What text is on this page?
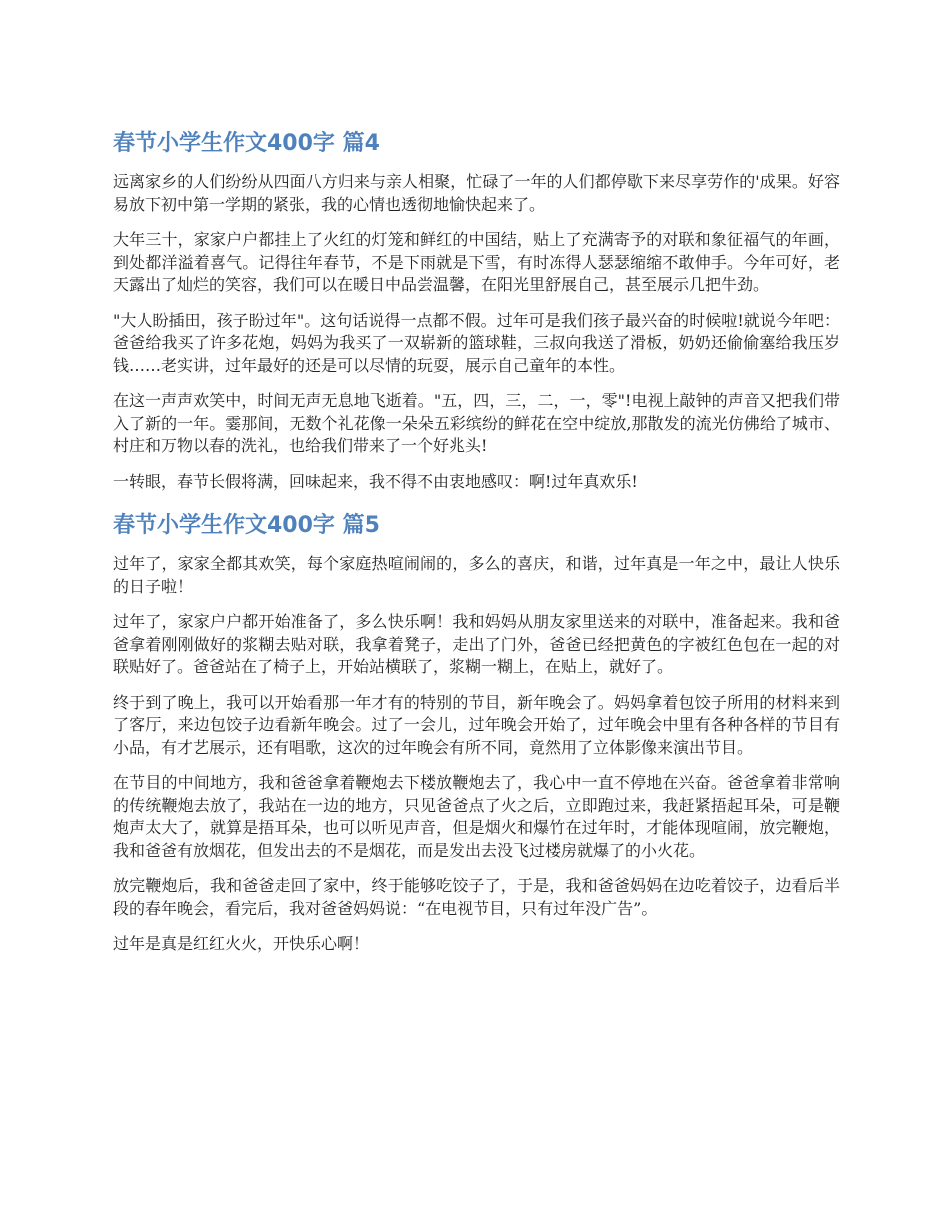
春节小学生作文400字 篇4

远离家乡的人们纷纷从四面八方归来与亲人相聚，忙碌了一年的人们都停歇下来尽享劳作的'成果。好容易放下初中第一学期的紧张，我的心情也透彻地愉快起来了。

大年三十，家家户户都挂上了火红的灯笼和鲜红的中国结，贴上了充满寄予的对联和象征福气的年画，到处都洋溢着喜气。记得往年春节，不是下雨就是下雪，有时冻得人瑟瑟缩缩不敢伸手。今年可好，老天露出了灿烂的笑容，我们可以在暖日中品尝温馨，在阳光里舒展自己，甚至展示几把牛劲。

"大人盼插田，孩子盼过年"。这句话说得一点都不假。过年可是我们孩子最兴奋的时候啦!就说今年吧：爸爸给我买了许多花炮，妈妈为我买了一双崭新的篮球鞋，三叔向我送了滑板，奶奶还偷偷塞给我压岁钱……老实讲，过年最好的还是可以尽情的玩耍，展示自己童年的本性。

在这一声声欢笑中，时间无声无息地飞逝着。"五，四，三，二，一，零"!电视上敲钟的声音又把我们带入了新的一年。霎那间，无数个礼花像一朵朵五彩缤纷的鲜花在空中绽放,那散发的流光仿佛给了城市、村庄和万物以春的洗礼，也给我们带来了一个好兆头!

一转眼，春节长假将满，回味起来，我不得不由衷地感叹：啊!过年真欢乐!

春节小学生作文400字 篇5

过年了，家家全都其欢笑，每个家庭热喧闹闹的，多么的喜庆，和谐，过年真是一年之中，最让人快乐的日子啦！

过年了，家家户户都开始准备了，多么快乐啊！我和妈妈从朋友家里送来的对联中，准备起来。我和爸爸拿着刚刚做好的浆糊去贴对联，我拿着凳子，走出了门外，爸爸已经把黄色的字被红色包在一起的对联贴好了。爸爸站在了椅子上，开始站横联了，浆糊一糊上，在贴上，就好了。

终于到了晚上，我可以开始看那一年才有的特别的节目，新年晚会了。妈妈拿着包饺子所用的材料来到了客厅，来边包饺子边看新年晚会。过了一会儿，过年晚会开始了，过年晚会中里有各种各样的节目有小品，有才艺展示，还有唱歌，这次的过年晚会有所不同，竟然用了立体影像来演出节目。

在节目的中间地方，我和爸爸拿着鞭炮去下楼放鞭炮去了，我心中一直不停地在兴奋。爸爸拿着非常响的传统鞭炮去放了，我站在一边的地方，只见爸爸点了火之后，立即跑过来，我赶紧捂起耳朵，可是鞭炮声太大了，就算是捂耳朵，也可以听见声音，但是烟火和爆竹在过年时，才能体现喧闹，放完鞭炮，我和爸爸有放烟花，但发出去的不是烟花，而是发出去没飞过楼房就爆了的小火花。

放完鞭炮后，我和爸爸走回了家中，终于能够吃饺子了，于是，我和爸爸妈妈在边吃着饺子，边看后半段的春年晚会，看完后，我对爸爸妈妈说：“在电视节目，只有过年没广告”。

过年是真是红红火火，开快乐心啊！
